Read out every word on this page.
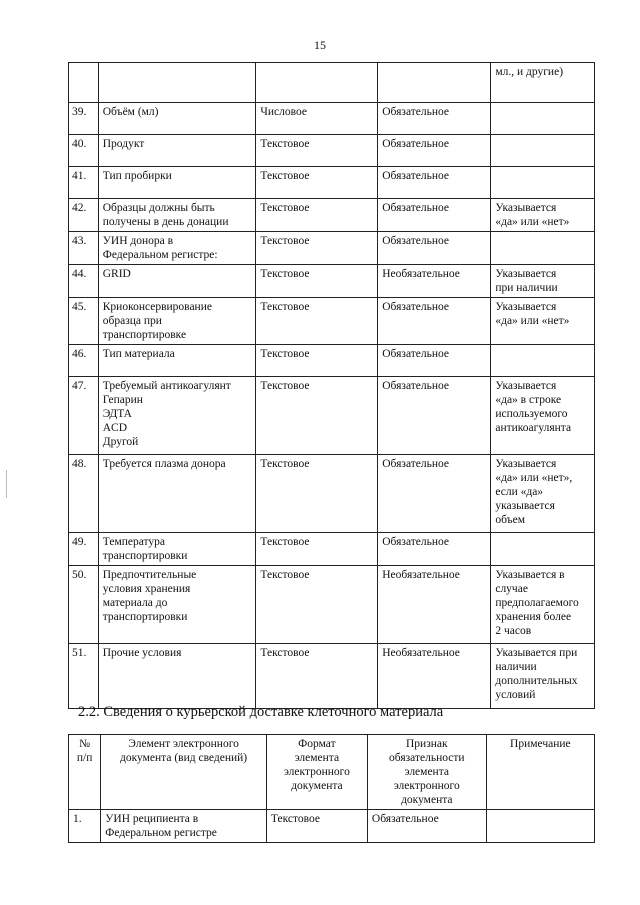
15
				мл., и другие)
39.	Объём (мл)	Числовое	Обязательное	
40.	Продукт	Текстовое	Обязательное	
41.	Тип пробирки	Текстовое	Обязательное	
42.	Образцы должны быть
получены в день донации	Текстовое	Обязательное	Указывается
«да» или «нет»

43.	УИН донора в
Федеральном регистре:	Текстовое	Обязательное	
44.	GRID	Текстовое	Необязательное	Указывается
при наличии

45.	Криоконсервирование
образца при
транспортировке	Текстовое	Обязательное	Указывается
«да» или «нет»

46.	Тип материала	Текстовое	Обязательное	
47.	Требуемый антикоагулянт
Гепарин
ЭДТА
ACD
Другой	Текстовое	Обязательное	Указывается
«да» в строке
используемого
антикоагулянта

48.	Требуется плазма донора	Текстовое	Обязательное	Указывается
«да» или «нет»,
если «да»
указывается
объем

49.	Температура
транспортировки	Текстовое	Обязательное	
50.	Предпочтительные
условия хранения
материала до
транспортировки	Текстовое	Необязательное	Указывается в
случае
предполагаемого
хранения более
2 часов

51.	Прочие условия	Текстовое	Необязательное	Указывается при
наличии
дополнительных
условий
2.2. Сведения о курьерской доставке клеточного материала
№
п/п	Элемент электронного
документа (вид сведений)	Формат
элемента
электронного
документа	Признак
обязательности
элемента
электронного
документа	Примечание

1.	УИН реципиента в
Федеральном регистре	Текстовое	Обязательное	
